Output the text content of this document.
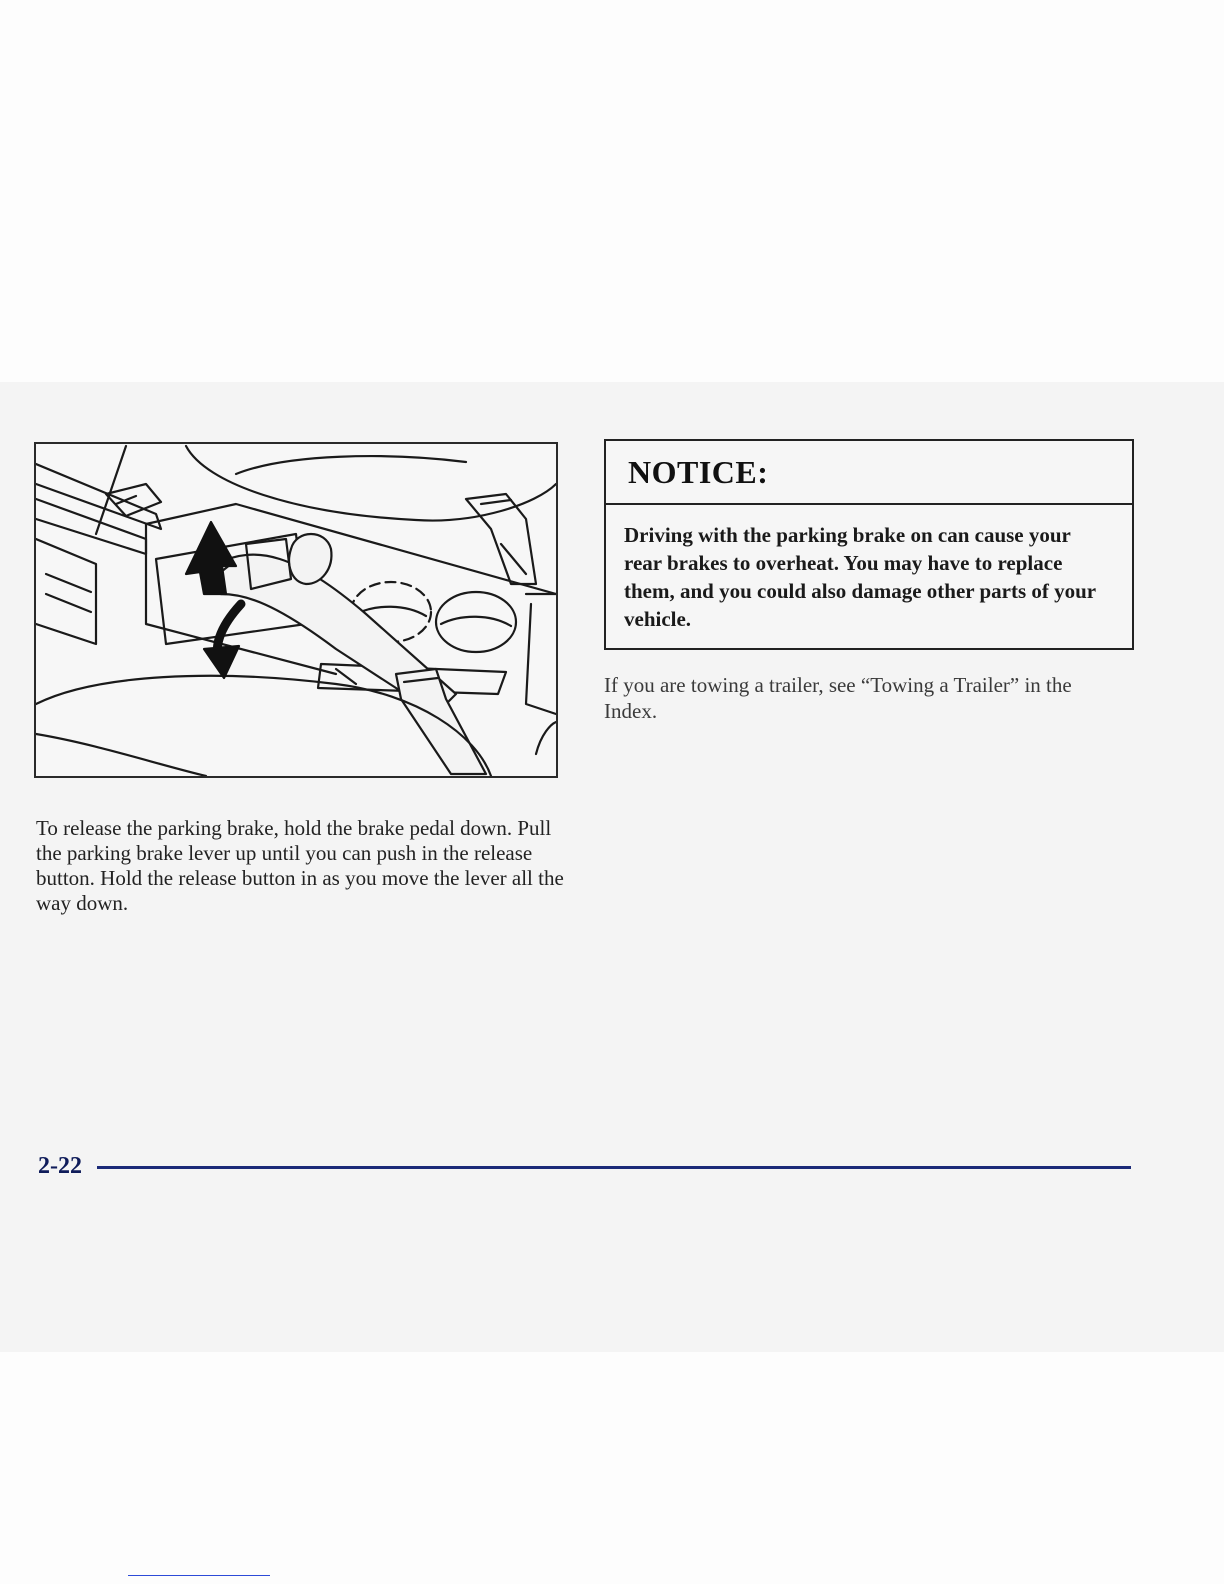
To release the parking brake, hold the brake pedal down. Pull the parking brake lever up until you can push in the release button. Hold the release button in as you move the lever all the way down.

NOTICE:

Driving with the parking brake on can cause your rear brakes to overheat. You may have to replace them, and you could also damage other parts of your vehicle.

If you are towing a trailer, see “Towing a Trailer” in the Index.

2-22
